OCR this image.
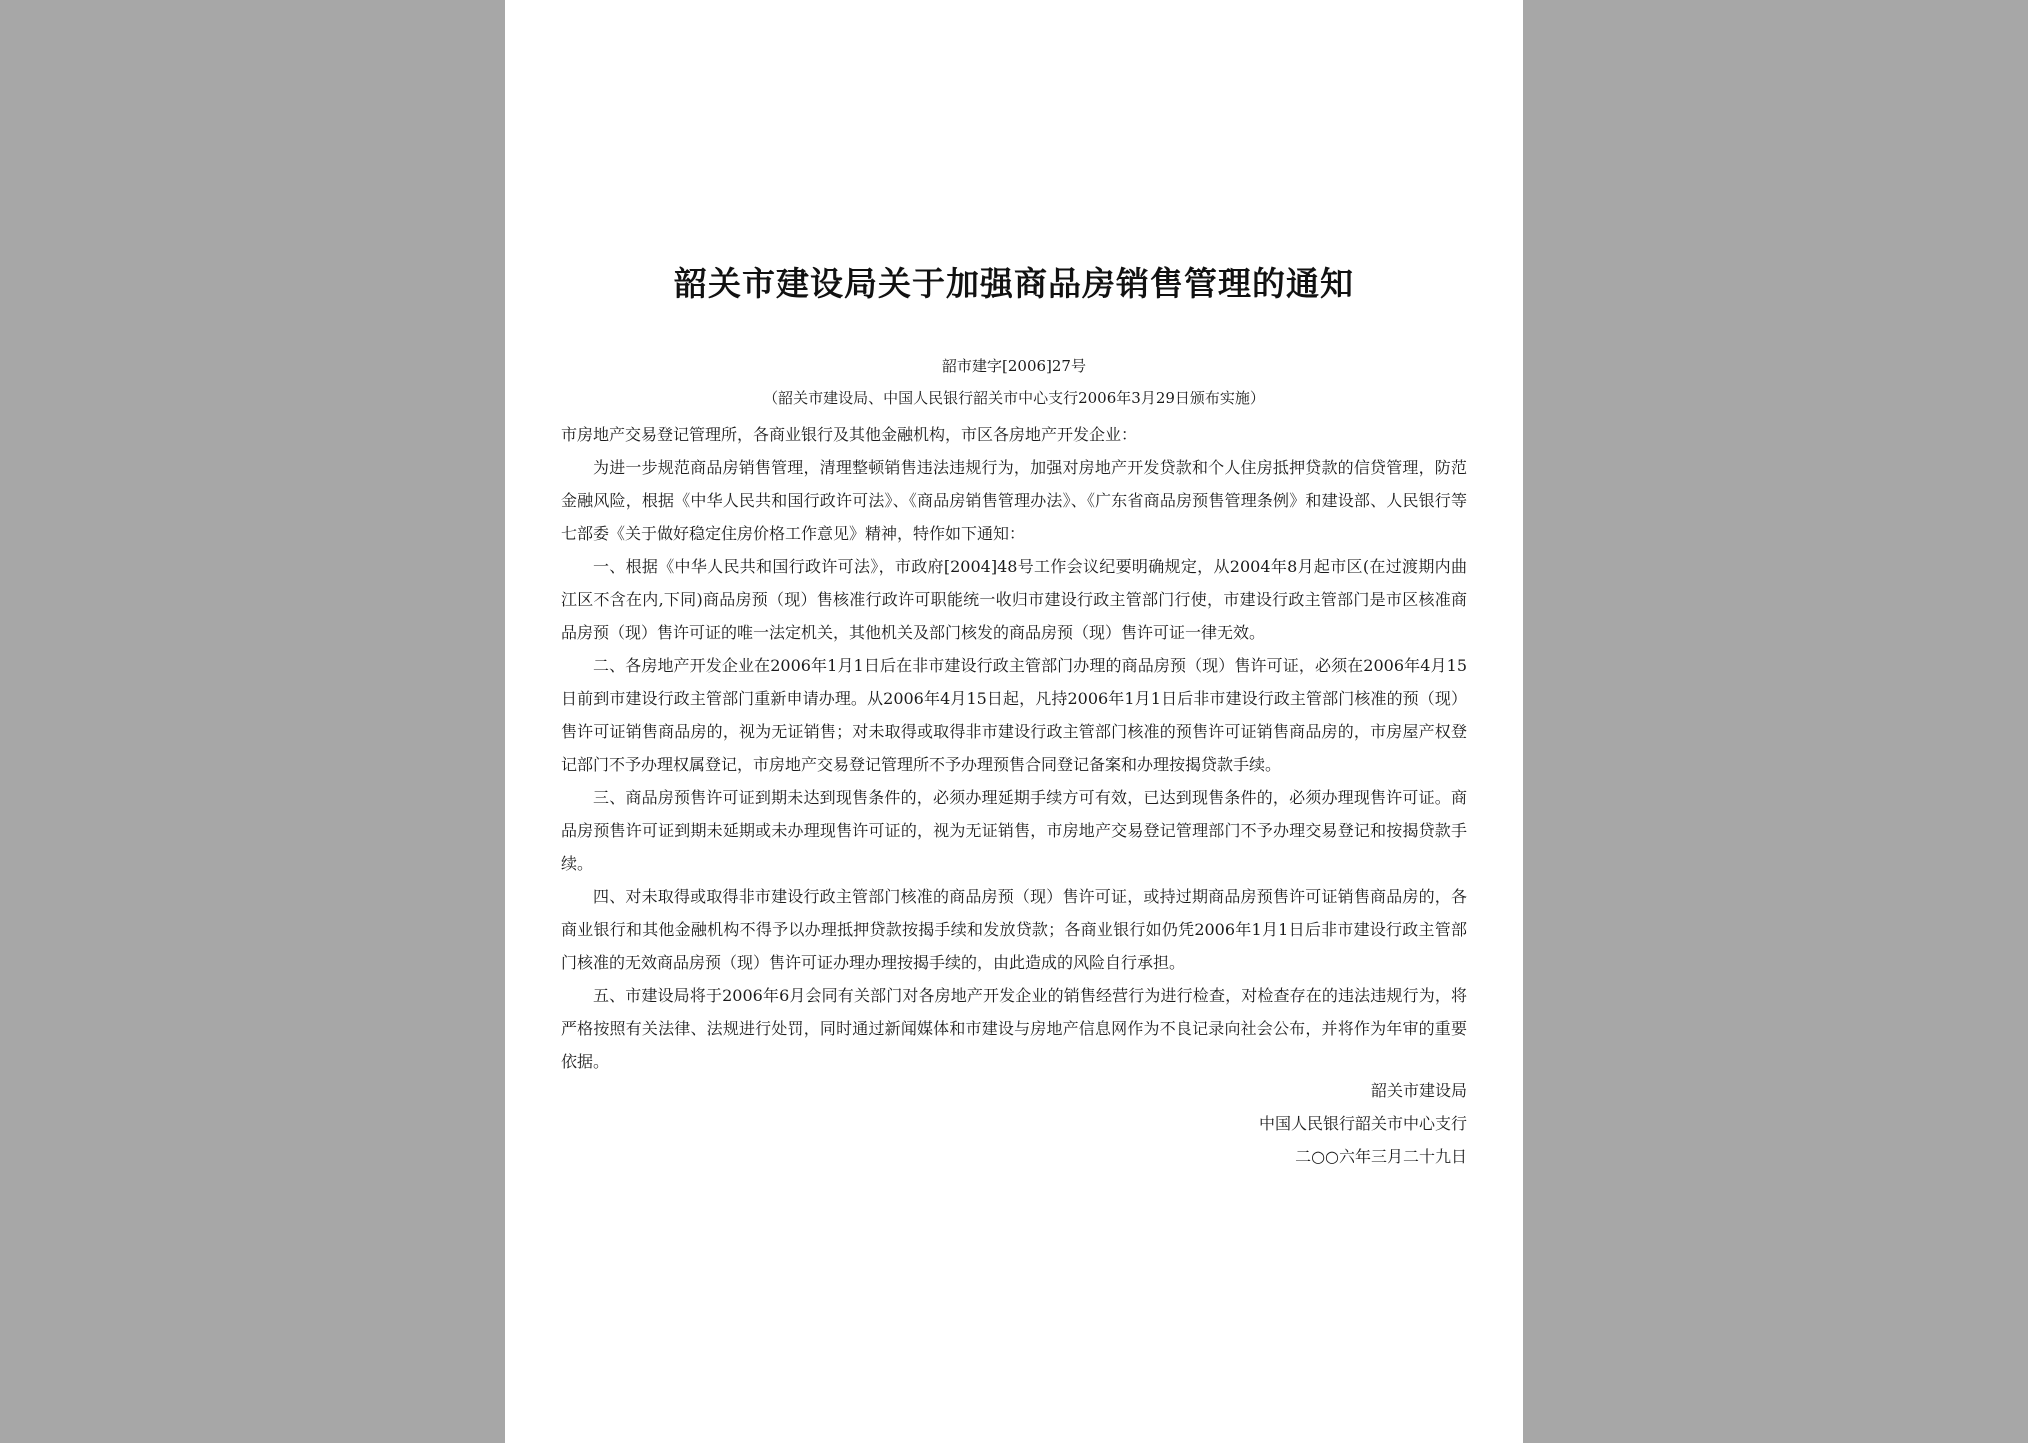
韶关市建设局关于加强商品房销售管理的通知
韶市建字[2006]27号
（韶关市建设局、中国人民银行韶关市中心支行2006年3月29日颁布实施）

市房地产交易登记管理所，各商业银行及其他金融机构，市区各房地产开发企业：

为进一步规范商品房销售管理，清理整顿销售违法违规行为，加强对房地产开发贷款和个人住房抵押贷款的信贷管理，防范金融风险，根据《中华人民共和国行政许可法》、《商品房销售管理办法》、《广东省商品房预售管理条例》和建设部、人民银行等七部委《关于做好稳定住房价格工作意见》精神，特作如下通知：

一、根据《中华人民共和国行政许可法》，市政府[2004]48号工作会议纪要明确规定，从2004年8月起市区(在过渡期内曲江区不含在内,下同)商品房预（现）售核准行政许可职能统一收归市建设行政主管部门行使，市建设行政主管部门是市区核准商品房预（现）售许可证的唯一法定机关，其他机关及部门核发的商品房预（现）售许可证一律无效。

二、各房地产开发企业在2006年1月1日后在非市建设行政主管部门办理的商品房预（现）售许可证，必须在2006年4月15日前到市建设行政主管部门重新申请办理。从2006年4月15日起，凡持2006年1月1日后非市建设行政主管部门核准的预（现）售许可证销售商品房的，视为无证销售；对未取得或取得非市建设行政主管部门核准的预售许可证销售商品房的，市房屋产权登记部门不予办理权属登记，市房地产交易登记管理所不予办理预售合同登记备案和办理按揭贷款手续。

三、商品房预售许可证到期未达到现售条件的，必须办理延期手续方可有效，已达到现售条件的，必须办理现售许可证。商品房预售许可证到期未延期或未办理现售许可证的，视为无证销售，市房地产交易登记管理部门不予办理交易登记和按揭贷款手续。

四、对未取得或取得非市建设行政主管部门核准的商品房预（现）售许可证，或持过期商品房预售许可证销售商品房的，各商业银行和其他金融机构不得予以办理抵押贷款按揭手续和发放贷款；各商业银行如仍凭2006年1月1日后非市建设行政主管部门核准的无效商品房预（现）售许可证办理办理按揭手续的，由此造成的风险自行承担。

五、市建设局将于2006年6月会同有关部门对各房地产开发企业的销售经营行为进行检查，对检查存在的违法违规行为，将严格按照有关法律、法规进行处罚，同时通过新闻媒体和市建设与房地产信息网作为不良记录向社会公布，并将作为年审的重要依据。

韶关市建设局
中国人民银行韶关市中心支行
二○○六年三月二十九日
